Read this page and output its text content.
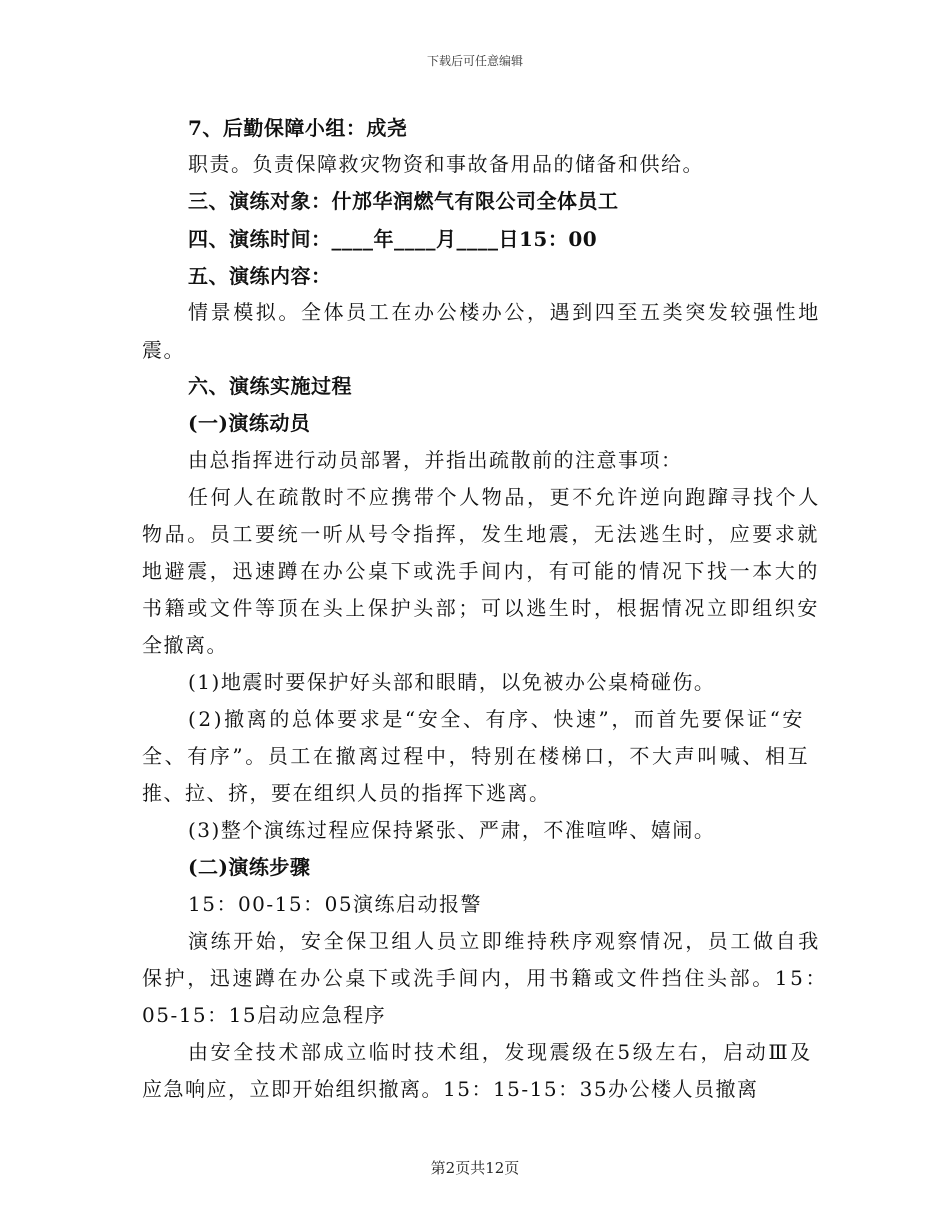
下载后可任意编辑
7、后勤保障小组：成尧
职责。负责保障救灾物资和事故备用品的储备和供给。
三、演练对象：什邡华润燃气有限公司全体员工
四、演练时间：____年____月____日15：00
五、演练内容：
情景模拟。全体员工在办公楼办公，遇到四至五类突发较强性地
震。
六、演练实施过程
(一)演练动员
由总指挥进行动员部署，并指出疏散前的注意事项：
任何人在疏散时不应携带个人物品，更不允许逆向跑蹿寻找个人
物品。员工要统一听从号令指挥，发生地震，无法逃生时，应要求就
地避震，迅速蹲在办公桌下或洗手间内，有可能的情况下找一本大的
书籍或文件等顶在头上保护头部；可以逃生时，根据情况立即组织安
全撤离。
(1)地震时要保护好头部和眼睛，以免被办公桌椅碰伤。
(2)撤离的总体要求是“安全、有序、快速”，而首先要保证“安
全、有序”。员工在撤离过程中，特别在楼梯口，不大声叫喊、相互
推、拉、挤，要在组织人员的指挥下逃离。
(3)整个演练过程应保持紧张、严肃，不准喧哗、嬉闹。
(二)演练步骤
15：00-15：05演练启动报警
演练开始，安全保卫组人员立即维持秩序观察情况，员工做自我
保护，迅速蹲在办公桌下或洗手间内，用书籍或文件挡住头部。15：
05-15：15启动应急程序
由安全技术部成立临时技术组，发现震级在5级左右，启动Ⅲ及
应急响应，立即开始组织撤离。15：15-15：35办公楼人员撤离
第2页共12页
